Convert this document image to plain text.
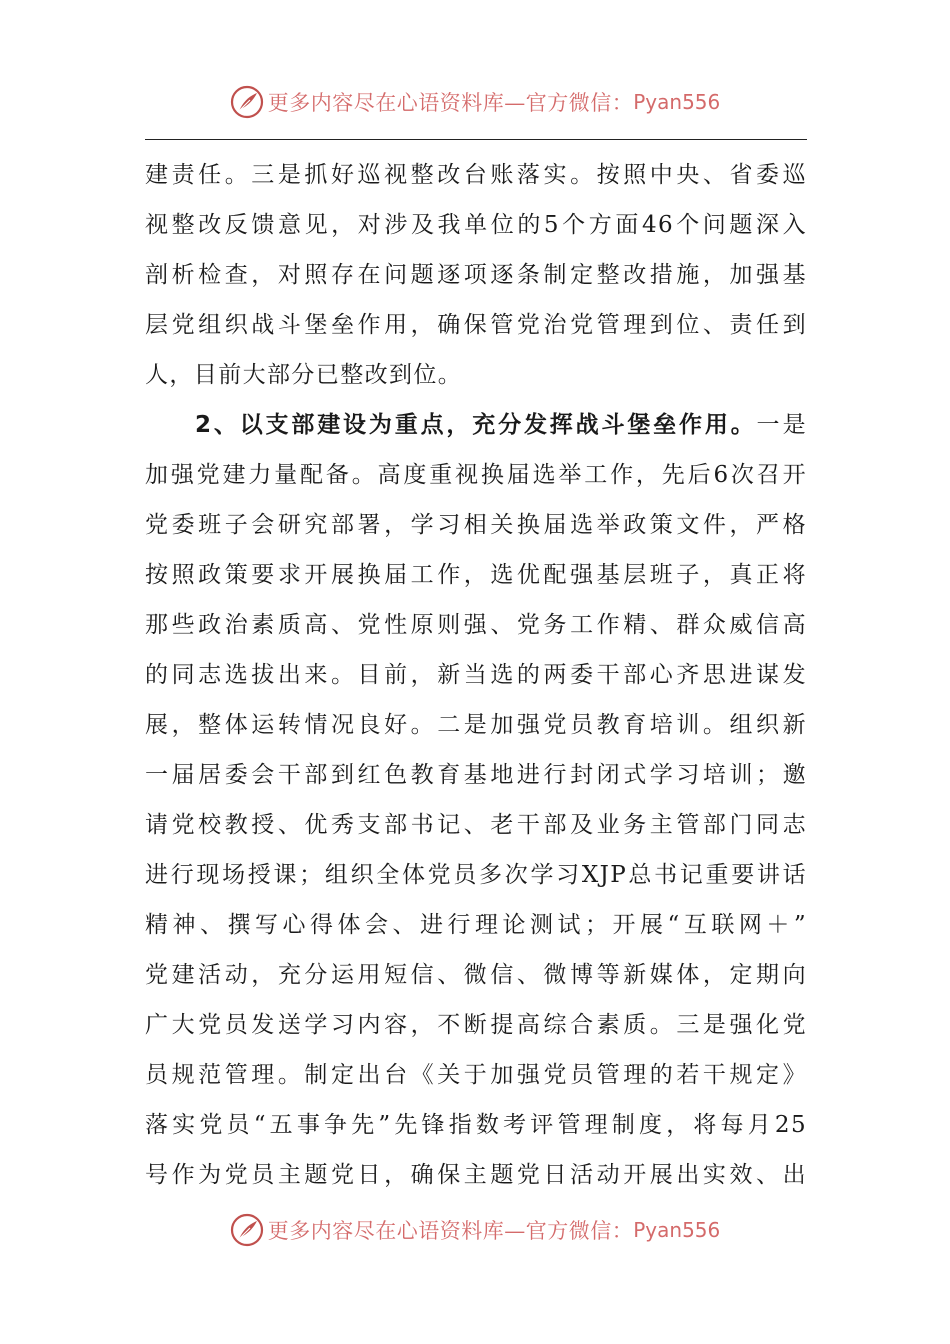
更多内容尽在心语资料库—官方微信： Pyan556
建责任。三是抓好巡视整改台账落实。按照中央、省委巡
视整改反馈意见，对涉及我单位的5个方面46个问题深入
剖析检查，对照存在问题逐项逐条制定整改措施，加强基
层党组织战斗堡垒作用，确保管党治党管理到位、责任到
人，目前大部分已整改到位。
2、以支部建设为重点，充分发挥战斗堡垒作用。一是
加强党建力量配备。高度重视换届选举工作，先后6次召开
党委班子会研究部署，学习相关换届选举政策文件，严格
按照政策要求开展换届工作，选优配强基层班子，真正将
那些政治素质高、党性原则强、党务工作精、群众威信高
的同志选拔出来。目前，新当选的两委干部心齐思进谋发
展，整体运转情况良好。二是加强党员教育培训。组织新
一届居委会干部到红色教育基地进行封闭式学习培训；邀
请党校教授、优秀支部书记、老干部及业务主管部门同志
进行现场授课；组织全体党员多次学习XJP总书记重要讲话
精神、撰写心得体会、进行理论测试；开展“互联网＋”
党建活动，充分运用短信、微信、微博等新媒体，定期向
广大党员发送学习内容，不断提高综合素质。三是强化党
员规范管理。制定出台《关于加强党员管理的若干规定》
落实党员“五事争先”先锋指数考评管理制度，将每月25
号作为党员主题党日，确保主题党日活动开展出实效、出
更多内容尽在心语资料库—官方微信： Pyan556
